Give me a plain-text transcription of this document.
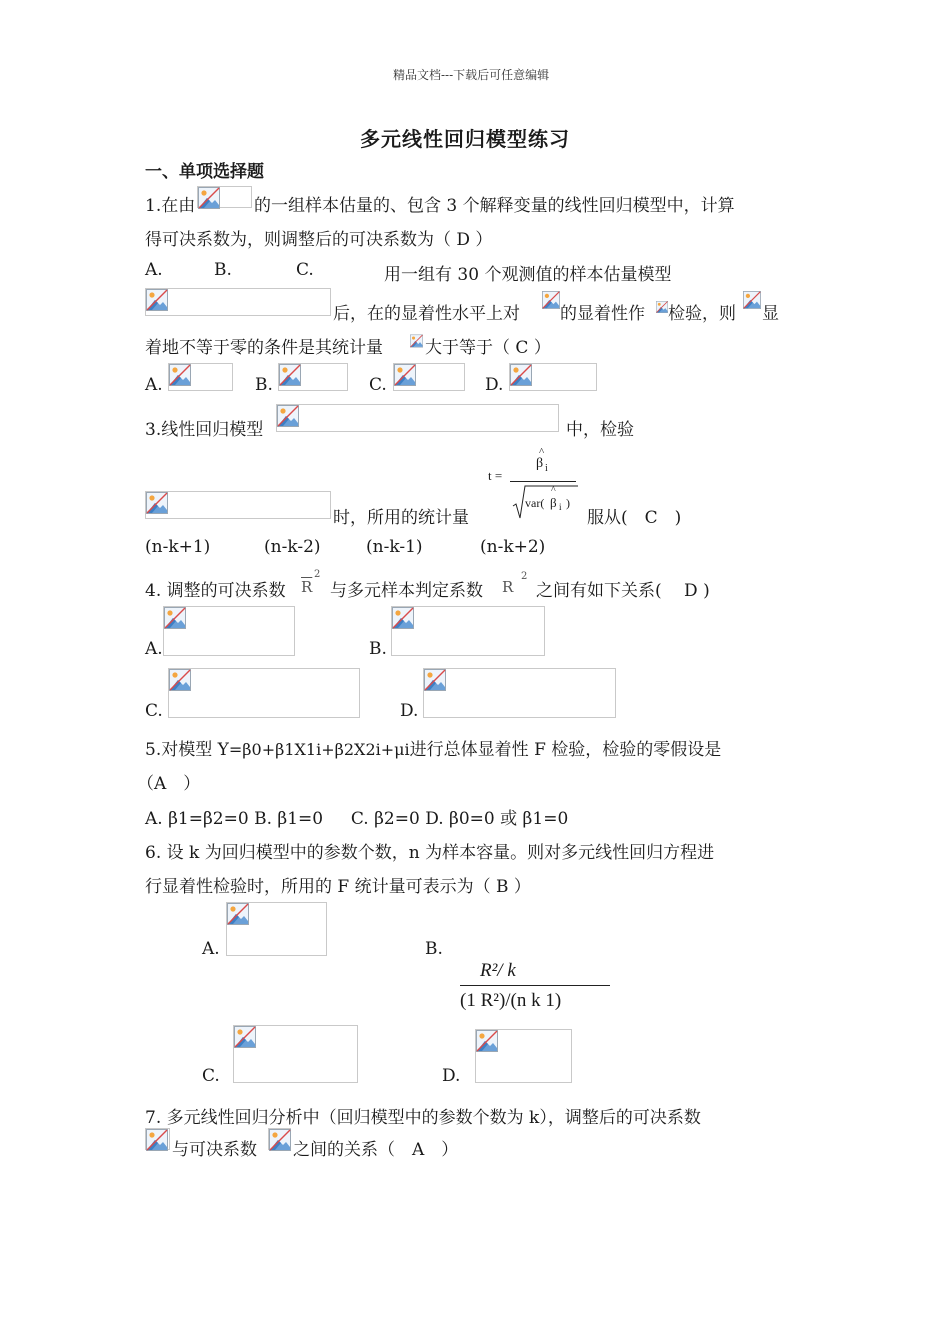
精品文档---下载后可任意编辑
多元线性回归模型练习
一、单项选择题
1.在由	的一组样本估量的、包含 3 个解释变量的线性回归模型中，计算
得可决系数为，则调整后的可决系数为（ D ）
A.	B.	C.	用一组有 30 个观测值的样本估量模型
后，在的显着性水平上对 的显着性作 检验，则 显
着地不等于零的条件是其统计量 大于等于（ C ）
A.	B.	C.	D.
3.线性回归模型	中，检验
时，所用的统计量
t =
^
β i
var(
^
β i )
服从(　C　)
(n-k+1)	(n-k-2)	(n-k-1)	(n-k+2)
4. 调整的可决系数 $\overline{R}$
2
与多元样本判定系数 R
2
之间有如下关系(　 D )
A.	B.
C.	D.
5.对模型 Y=β0+β1X1i+β2X2i+μi进行总体显着性 F 检验，检验的零假设是
（A　）
A. β1=β2=0 B. β1=0 　 C. β2=0 D. β0=0 或 β1=0
6. 设 k 为回归模型中的参数个数，n 为样本容量。则对多元线性回归方程进
行显着性检验时，所用的 F 统计量可表示为（ B ）
A.	B.
R²/ k
(1 R²)/(n k 1)
C.	D.
7. 多元线性回归分析中（回归模型中的参数个数为 k），调整后的可决系数
与可决系数 之间的关系（　A　）
